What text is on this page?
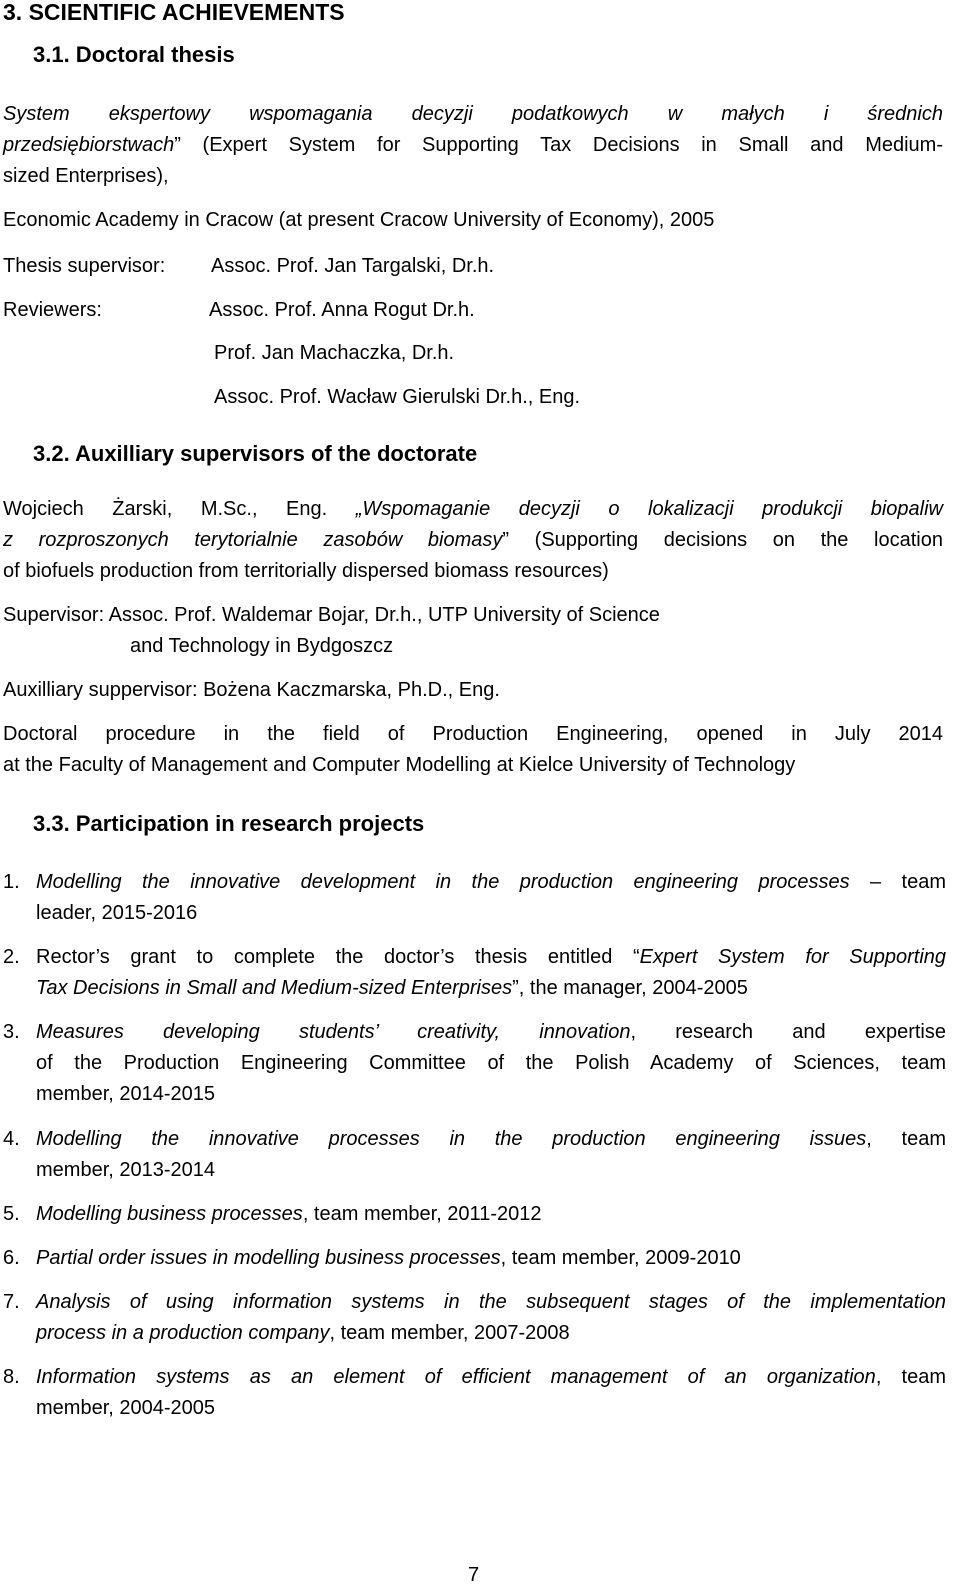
3. SCIENTIFIC ACHIEVEMENTS
3.1. Doctoral thesis
System ekspertowy wspomagania decyzji podatkowych w małych i średnich
przedsiębiorstwach” (Expert System for Supporting Tax Decisions in Small and Medium-
sized Enterprises),
Economic Academy in Cracow (at present Cracow University of Economy), 2005
Thesis supervisor: Assoc. Prof. Jan Targalski, Dr.h.
Reviewers:	Assoc. Prof. Anna Rogut Dr.h.
Prof. Jan Machaczka, Dr.h.
Assoc. Prof. Wacław Gierulski Dr.h., Eng.
3.2. Auxilliary supervisors of the doctorate
Wojciech Żarski, M.Sc., Eng. „Wspomaganie decyzji o lokalizacji produkcji biopaliw
z rozproszonych terytorialnie zasobów biomasy” (Supporting decisions on the location
of biofuels production from territorially dispersed biomass resources)
Supervisor: Assoc. Prof. Waldemar Bojar, Dr.h., UTP University of Science
and Technology in Bydgoszcz
Auxilliary suppervisor: Bożena Kaczmarska, Ph.D., Eng.
Doctoral procedure in the field of Production Engineering, opened in July 2014
at the Faculty of Management and Computer Modelling at Kielce University of Technology
3.3. Participation in research projects
1. Modelling the innovative development in the production engineering processes – team
leader, 2015-2016
2. Rector’s grant to complete the doctor’s thesis entitled “Expert System for Supporting
Tax Decisions in Small and Medium-sized Enterprises”, the manager, 2004-2005
3. Measures developing students’ creativity, innovation, research and expertise
of the Production Engineering Committee of the Polish Academy of Sciences, team
member, 2014-2015
4. Modelling the innovative processes in the production engineering issues, team
member, 2013-2014
5. Modelling business processes, team member, 2011-2012
6. Partial order issues in modelling business processes, team member, 2009-2010
7. Analysis of using information systems in the subsequent stages of the implementation
process in a production company, team member, 2007-2008
8. Information systems as an element of efficient management of an organization, team
member, 2004-2005
7
